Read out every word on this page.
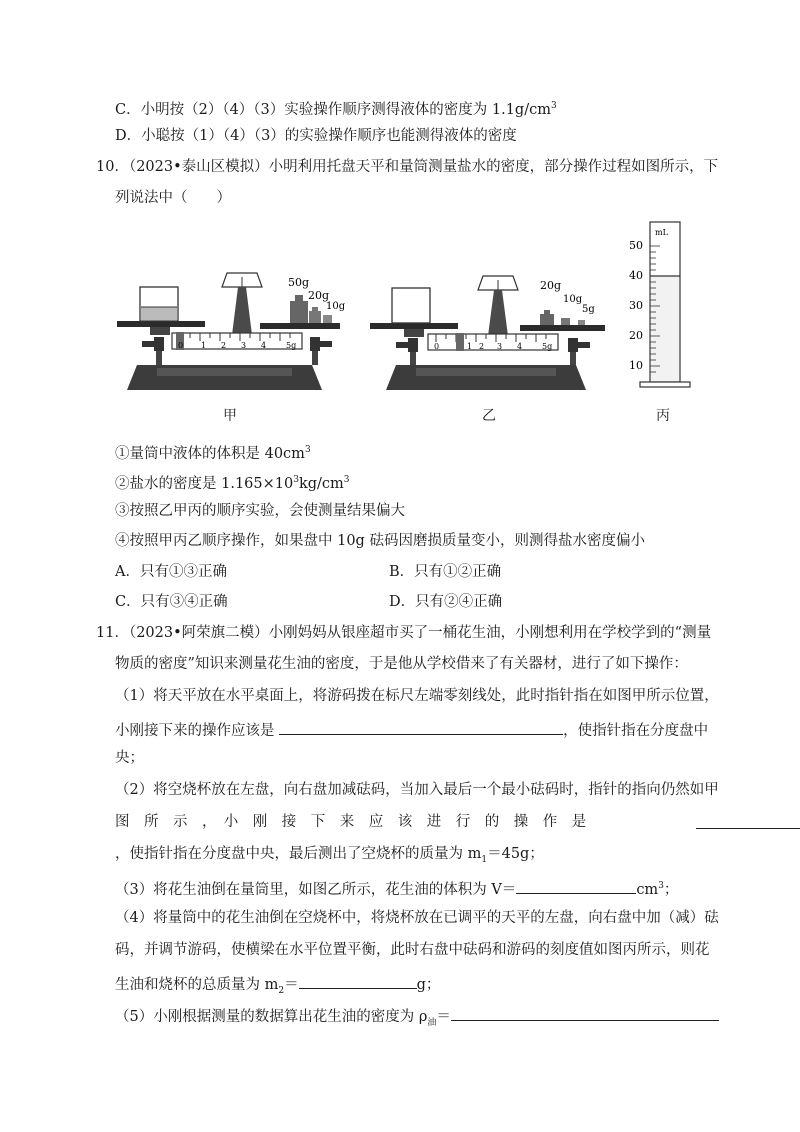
C．小明按（2）（4）（3）实验操作顺序测得液体的密度为 $1.1g/cm^3$
D．小聪按（1）（4）（3）的实验操作顺序也能测得液体的密度
10．（2023•泰山区模拟）小明利用托盘天平和量筒测量盐水的密度，部分操作过程如图所示，下
列说法中（　　）
50g
20g
10g
0 1 2 3 4 5g
甲
20g
10g
5g
0	1 2 3 4 5g
乙
mL
50
40
30
20
10
丙
①量筒中液体的体积是 $40cm^3$
②盐水的密度是 $1.165\times 10^3kg/cm^3$
③按照乙甲丙的顺序实验，会使测量结果偏大
④按照甲丙乙顺序操作，如果盘中 10g 砝码因磨损质量变小，则测得盐水密度偏小
A．只有①③正确	B．只有①②正确
C．只有③④正确	D．只有②④正确
11．（2023•阿荣旗二模）小刚妈妈从银座超市买了一桶花生油，小刚想利用在学校学到的“测量
物质的密度”知识来测量花生油的密度，于是他从学校借来了有关器材，进行了如下操作：
（1）将天平放在水平桌面上，将游码拨在标尺左端零刻线处，此时指针指在如图甲所示位置，
小刚接下来的操作应该是	，使指针指在分度盘中
央；
（2）将空烧杯放在左盘，向右盘加减砝码，当加入最后一个最小砝码时，指针的指向仍然如甲
图　所　示　，　小　刚　接　下　来　应　该　进　行　的　操　作　是
，使指针指在分度盘中央，最后测出了空烧杯的质量为 $m_1=45g$；
（3）将花生油倒在量筒里，如图乙所示，花生油的体积为 V＝	$cm^3$；
（4）将量筒中的花生油倒在空烧杯中，将烧杯放在已调平的天平的左盘，向右盘中加（减）砝
码，并调节游码，使横梁在水平位置平衡，此时右盘中砝码和游码的刻度值如图丙所示，则花
生油和烧杯的总质量为 $m_2=$	g；
（5）小刚根据测量的数据算出花生油的密度为 $\rho_油=$
